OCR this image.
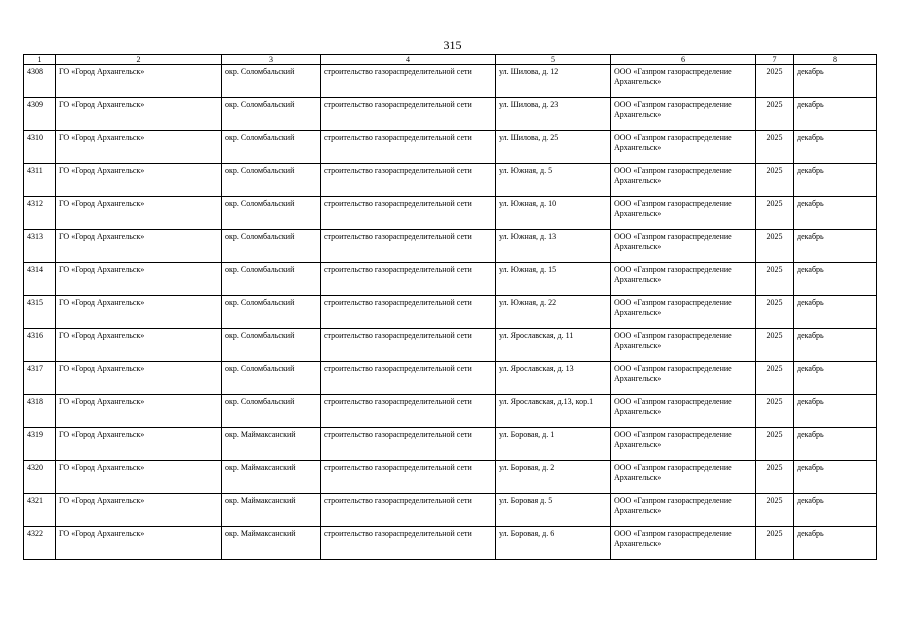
315
1	2	3	4	5	6	7	8
4308	ГО «Город Архангельск»	окр. Соломбальский	строительство газораспределительной сети	ул. Шилова, д. 12	ООО «Газпром газораспределение Архангельск»	2025	декабрь
4309	ГО «Город Архангельск»	окр. Соломбальский	строительство газораспределительной сети	ул. Шилова, д. 23	ООО «Газпром газораспределение Архангельск»	2025	декабрь
4310	ГО «Город Архангельск»	окр. Соломбальский	строительство газораспределительной сети	ул. Шилова, д. 25	ООО «Газпром газораспределение Архангельск»	2025	декабрь
4311	ГО «Город Архангельск»	окр. Соломбальский	строительство газораспределительной сети	ул. Южная, д. 5	ООО «Газпром газораспределение Архангельск»	2025	декабрь
4312	ГО «Город Архангельск»	окр. Соломбальский	строительство газораспределительной сети	ул. Южная, д. 10	ООО «Газпром газораспределение Архангельск»	2025	декабрь
4313	ГО «Город Архангельск»	окр. Соломбальский	строительство газораспределительной сети	ул. Южная, д. 13	ООО «Газпром газораспределение Архангельск»	2025	декабрь
4314	ГО «Город Архангельск»	окр. Соломбальский	строительство газораспределительной сети	ул. Южная, д. 15	ООО «Газпром газораспределение Архангельск»	2025	декабрь
4315	ГО «Город Архангельск»	окр. Соломбальский	строительство газораспределительной сети	ул. Южная, д. 22	ООО «Газпром газораспределение Архангельск»	2025	декабрь
4316	ГО «Город Архангельск»	окр. Соломбальский	строительство газораспределительной сети	ул. Ярославская, д. 11	ООО «Газпром газораспределение Архангельск»	2025	декабрь
4317	ГО «Город Архангельск»	окр. Соломбальский	строительство газораспределительной сети	ул. Ярославская, д. 13	ООО «Газпром газораспределение Архангельск»	2025	декабрь
4318	ГО «Город Архангельск»	окр. Соломбальский	строительство газораспределительной сети	ул. Ярославская, д.13, кор.1	ООО «Газпром газораспределение Архангельск»	2025	декабрь
4319	ГО «Город Архангельск»	окр. Маймаксанский	строительство газораспределительной сети	ул. Боровая, д. 1	ООО «Газпром газораспределение Архангельск»	2025	декабрь
4320	ГО «Город Архангельск»	окр. Маймаксанский	строительство газораспределительной сети	ул. Боровая, д. 2	ООО «Газпром газораспределение Архангельск»	2025	декабрь
4321	ГО «Город Архангельск»	окр. Маймаксанский	строительство газораспределительной сети	ул. Боровая д. 5	ООО «Газпром газораспределение Архангельск»	2025	декабрь
4322	ГО «Город Архангельск»	окр. Маймаксанский	строительство газораспределительной сети	ул. Боровая, д. 6	ООО «Газпром газораспределение Архангельск»	2025	декабрь
